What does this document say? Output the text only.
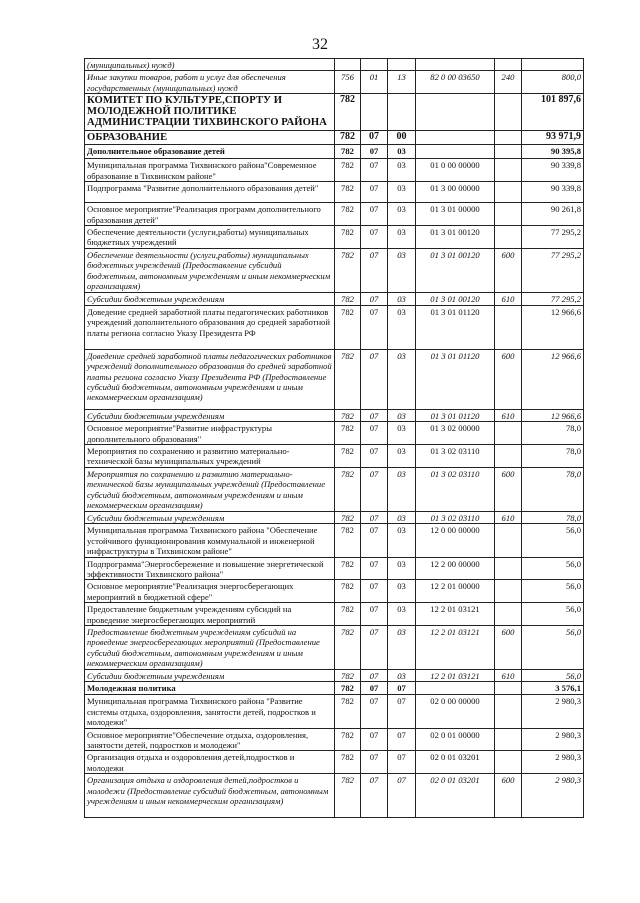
32
(муниципальных) нужд)						
Иные закупки товаров, работ и услуг для обеспечения государственных (муниципальных) нужд	756	01	13	82 0 00 03650	240	800,0
КОМИТЕТ ПО КУЛЬТУРЕ,СПОРТУ И МОЛОДЕЖНОЙ ПОЛИТИКЕ АДМИНИСТРАЦИИ ТИХВИНСКОГО РАЙОНА	782					101 897,6
ОБРАЗОВАНИЕ	782	07	00			93 971,9
Дополнительное образование детей	782	07	03			90 395,8
Муниципальная программа Тихвинского района"Современное образование в Тихвинском районе"	782	07	03	01 0 00 00000		90 339,8
Подпрограмма "Развитие дополнительного образования детей"	782	07	03	01 3 00 00000		90 339,8
Основное мероприятие"Реализация программ дополнительного образования детей"	782	07	03	01 3 01 00000		90 261,8
Обеспечение деятельности (услуги,работы) муниципальных бюджетных учреждений	782	07	03	01 3 01 00120		77 295,2
Обеспечение деятельности (услуги,работы) муниципальных бюджетных учреждений (Предоставление субсидий бюджетным, автономным учреждениям и иным некоммерческим организациям)	782	07	03	01 3 01 00120	600	77 295,2
Субсидии бюджетным учреждениям	782	07	03	01 3 01 00120	610	77 295,2
Доведение средней заработной платы педагогических работников учреждений дополнительного образования до средней заработной платы региона согласно Указу Президента РФ	782	07	03	01 3 01 01120		12 966,6
Доведение средней заработной платы педагогических работников учреждений дополнительного образования до средней заработной платы региона согласно Указу Президента РФ (Предоставление субсидий бюджетным, автономным учреждениям и иным некоммерческим организациям)	782	07	03	01 3 01 01120	600	12 966,6
Субсидии бюджетным учреждениям	782	07	03	01 3 01 01120	610	12 966,6
Основное мероприятие"Развитие инфраструктуры дополнительного образования"	782	07	03	01 3 02 00000		78,0
Мероприятия по сохранению и развитию материально-технической базы муниципальных учреждений	782	07	03	01 3 02 03110		78,0
Мероприятия по сохранению и развитию материально-технической базы муниципальных учреждений (Предоставление субсидий бюджетным, автономным учреждениям и иным некоммерческим организациям)	782	07	03	01 3 02 03110	600	78,0
Субсидии бюджетным учреждениям	782	07	03	01 3 02 03110	610	78,0
Муниципальная программа Тихвинского района "Обеспечение устойчивого функционирования коммунальной и инженерной инфраструктуры в Тихвинском районе"	782	07	03	12 0 00 00000		56,0
Подпрограмма"Энергосбережение и повышение энергетической эффективности Тихвинского района"	782	07	03	12 2 00 00000		56,0
Основное мероприятие"Реализация энергосберегающих мероприятий в бюджетной сфере"	782	07	03	12 2 01 00000		56,0
Предоставление бюджетным учреждениям субсидий на проведение энергосберегающих мероприятий	782	07	03	12 2 01 03121		56,0
Предоставление бюджетным учреждениям субсидий на проведение энергосберегающих мероприятий (Предоставление субсидий бюджетным, автономным учреждениям и иным некоммерческим организациям)	782	07	03	12 2 01 03121	600	56,0
Субсидии бюджетным учреждениям	782	07	03	12 2 01 03121	610	56,0
Молодежная политика	782	07	07			3 576,1
Муниципальная программа Тихвинского района "Развитие системы отдыха, оздоровления, занятости детей, подростков и молодежи"	782	07	07	02 0 00 00000		2 980,3
Основное мероприятие"Обеспечение отдыха, оздоровления, занятости детей, подростков и молодежи"	782	07	07	02 0 01 00000		2 980,3
Организация отдыха и оздоровления детей,подростков и молодежи	782	07	07	02 0 01 03201		2 980,3
Организация отдыха и оздоровления детей,подростков и молодежи (Предоставление субсидий бюджетным, автономным учреждениям и иным некоммерческим организациям)	782	07	07	02 0 01 03201	600	2 980,3
